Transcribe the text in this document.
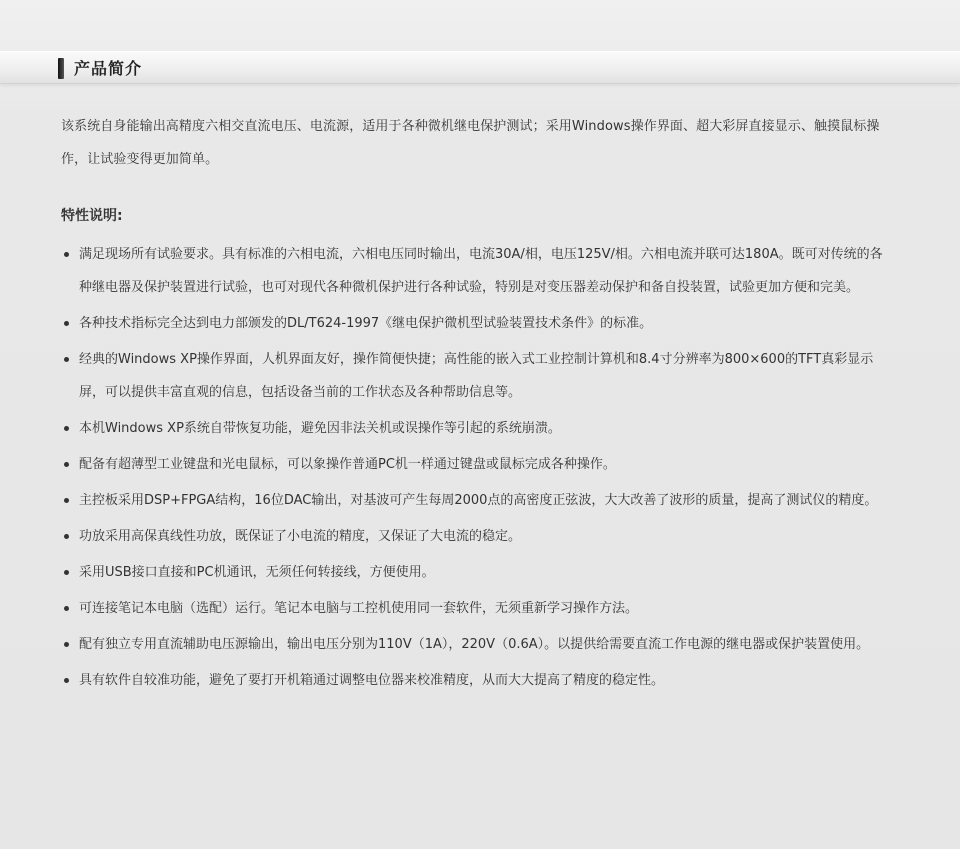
产品简介

该系统自身能输出高精度六相交直流电压、电流源，适用于各种微机继电保护测试；采用Windows操作界面、超大彩屏直接显示、触摸鼠标操作，让试验变得更加简单。

特性说明:
满足现场所有试验要求。具有标准的六相电流，六相电压同时输出，电流30A/相，电压125V/相。六相电流并联可达180A。既可对传统的各种继电器及保护装置进行试验，也可对现代各种微机保护进行各种试验，特别是对变压器差动保护和备自投装置，试验更加方便和完美。
各种技术指标完全达到电力部颁发的DL/T624-1997《继电保护微机型试验装置技术条件》的标准。
经典的Windows XP操作界面，人机界面友好，操作简便快捷；高性能的嵌入式工业控制计算机和8.4寸分辨率为800×600的TFT真彩显示屏，可以提供丰富直观的信息，包括设备当前的工作状态及各种帮助信息等。
本机Windows XP系统自带恢复功能，避免因非法关机或误操作等引起的系统崩溃。
配备有超薄型工业键盘和光电鼠标，可以象操作普通PC机一样通过键盘或鼠标完成各种操作。
主控板采用DSP+FPGA结构，16位DAC输出，对基波可产生每周2000点的高密度正弦波，大大改善了波形的质量，提高了测试仪的精度。
功放采用高保真线性功放，既保证了小电流的精度，又保证了大电流的稳定。
采用USB接口直接和PC机通讯，无须任何转接线，方便使用。
可连接笔记本电脑（选配）运行。笔记本电脑与工控机使用同一套软件，无须重新学习操作方法。
配有独立专用直流辅助电压源输出，输出电压分别为110V（1A），220V（0.6A）。以提供给需要直流工作电源的继电器或保护装置使用。
具有软件自较准功能，避免了要打开机箱通过调整电位器来校准精度，从而大大提高了精度的稳定性。
